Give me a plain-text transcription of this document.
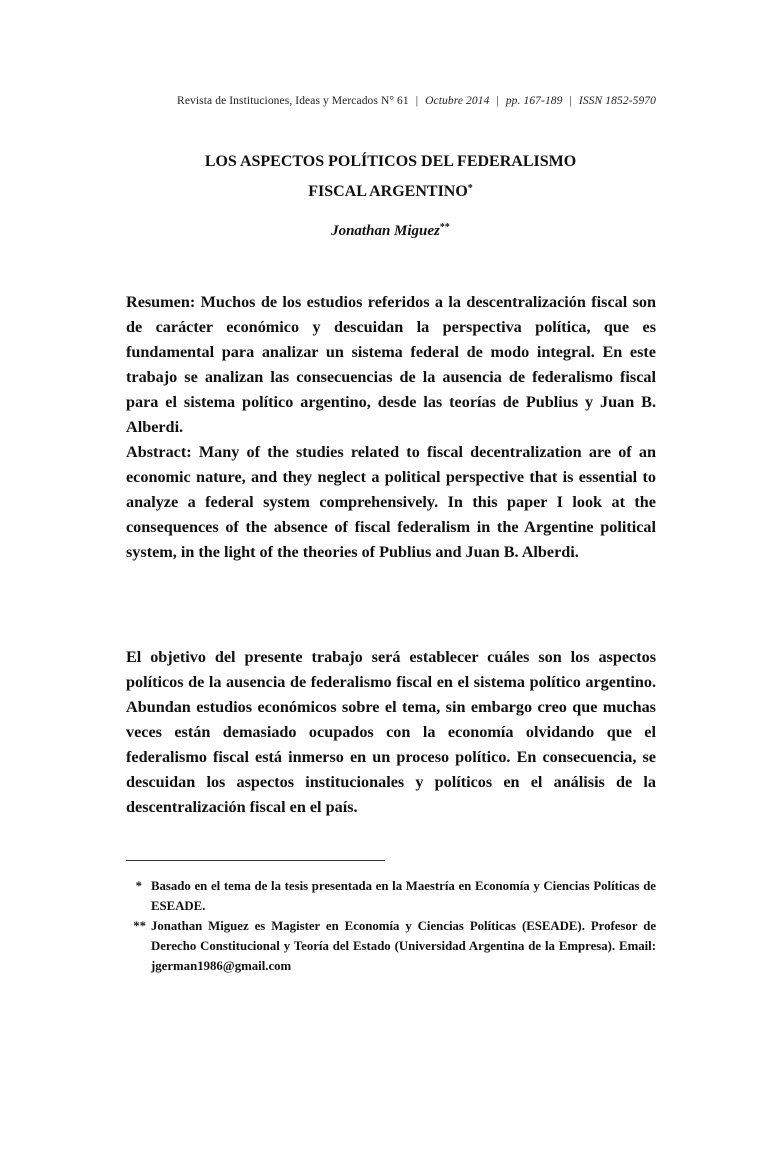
Revista de Instituciones, Ideas y Mercados N° 61 | Octubre 2014 | pp. 167-189 | ISSN 1852-5970
LOS ASPECTOS POLÍTICOS DEL FEDERALISMO
FISCAL ARGENTINO*
Jonathan Miguez**

Resumen: Muchos de los estudios referidos a la descentralización fiscal son de carácter económico y descuidan la perspectiva política, que es fundamental para analizar un sistema federal de modo integral. En este trabajo se analizan las consecuencias de la ausencia de federalismo fiscal para el sistema político argentino, desde las teorías de Publius y Juan B. Alberdi.

Abstract: Many of the studies related to fiscal decentralization are of an economic nature, and they neglect a political perspective that is essential to analyze a federal system comprehensively. In this paper I look at the consequences of the absence of fiscal federalism in the Argentine political system, in the light of the theories of Publius and Juan B. Alberdi.

El objetivo del presente trabajo será establecer cuáles son los aspectos políticos de la ausencia de federalismo fiscal en el sistema político argentino. Abundan estudios económicos sobre el tema, sin embargo creo que muchas veces están demasiado ocupados con la economía olvidando que el federalismo fiscal está inmerso en un proceso político. En consecuencia, se descuidan los aspectos institucionales y políticos en el análisis de la descentralización fiscal en el país.

* Basado en el tema de la tesis presentada en la Maestría en Economía y Ciencias Políticas de ESEADE.
** Jonathan Miguez es Magister en Economía y Ciencias Políticas (ESEADE). Profesor de Derecho Constitucional y Teoría del Estado (Universidad Argentina de la Empresa). Email: jgerman1986@gmail.com
